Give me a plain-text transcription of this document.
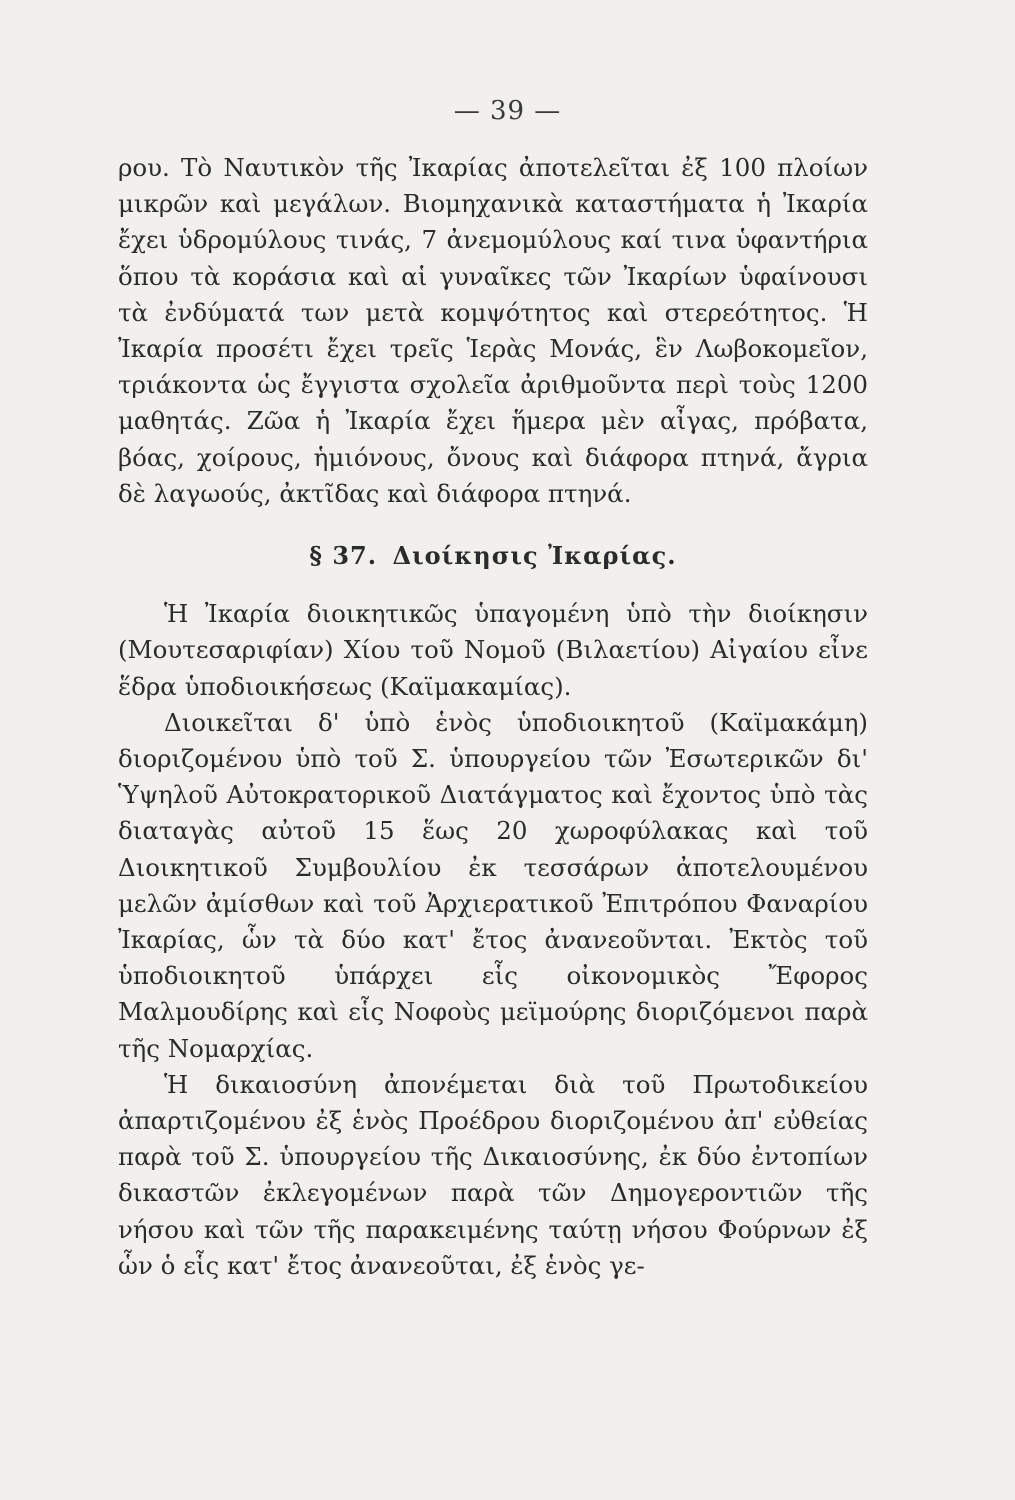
— 39 —

ρου. Τὸ Ναυτικὸν τῆς Ἰκαρίας ἀποτελεῖται ἐξ 100 πλοίων μικρῶν καὶ μεγάλων. Βιομηχανικὰ καταστήματα ἡ Ἰκαρία ἔχει ὑδρομύλους τινάς, 7 ἀνεμομύλους καί τινα ὑφαντήρια ὅπου τὰ κοράσια καὶ αἱ γυναῖκες τῶν Ἰκαρίων ὑφαίνουσι τὰ ἐνδύματά των μετὰ κομψότητος καὶ στερεότητος. Ἡ Ἰκαρία προσέτι ἔχει τρεῖς Ἱερὰς Μονάς, ἓν Λωβοκομεῖον, τριάκοντα ὡς ἔγγιστα σχολεῖα ἀριθμοῦντα περὶ τοὺς 1200 μαθητάς. Ζῶα ἡ Ἰκαρία ἔχει ἥμερα μὲν αἶγας, πρόβατα, βόας, χοίρους, ἡμιόνους, ὄνους καὶ διάφορα πτηνά, ἄγρια δὲ λαγωούς, ἀκτῖδας καὶ διάφορα πτηνά.

§ 37. Διοίκησις Ἰκαρίας.

Ἡ Ἰκαρία διοικητικῶς ὑπαγομένη ὑπὸ τὴν διοίκησιν (Μουτεσαριφίαν) Χίου τοῦ Νομοῦ (Βιλαετίου) Αἰγαίου εἶνε ἕδρα ὑποδιοικήσεως (Καϊμακαμίας).

Διοικεῖται δ' ὑπὸ ἑνὸς ὑποδιοικητοῦ (Καϊμακάμη) διοριζομένου ὑπὸ τοῦ Σ. ὑπουργείου τῶν Ἐσωτερικῶν δι' Ὑψηλοῦ Αὐτοκρατορικοῦ Διατάγματος καὶ ἔχοντος ὑπὸ τὰς διαταγὰς αὐτοῦ 15 ἕως 20 χωροφύλακας καὶ τοῦ Διοικητικοῦ Συμβουλίου ἐκ τεσσάρων ἀποτελουμένου μελῶν ἀμίσθων καὶ τοῦ Ἀρχιερατικοῦ Ἐπιτρόπου Φαναρίου Ἰκαρίας, ὧν τὰ δύο κατ' ἔτος ἀνανεοῦνται. Ἐκτὸς τοῦ ὑποδιοικητοῦ ὑπάρχει εἷς οἰκονομικὸς Ἔφορος Μαλμουδίρης καὶ εἷς Νοφοὺς μεϊμούρης διοριζόμενοι παρὰ τῆς Νομαρχίας.

Ἡ δικαιοσύνη ἀπονέμεται διὰ τοῦ Πρωτοδικείου ἀπαρτιζομένου ἐξ ἑνὸς Προέδρου διοριζομένου ἀπ' εὐθείας παρὰ τοῦ Σ. ὑπουργείου τῆς Δικαιοσύνης, ἐκ δύο ἐντοπίων δικαστῶν ἐκλεγομένων παρὰ τῶν Δημογεροντιῶν τῆς νήσου καὶ τῶν τῆς παρακειμένης ταύτῃ νήσου Φούρνων ἐξ ὧν ὁ εἷς κατ' ἔτος ἀνανεοῦται, ἐξ ἑνὸς γε-
